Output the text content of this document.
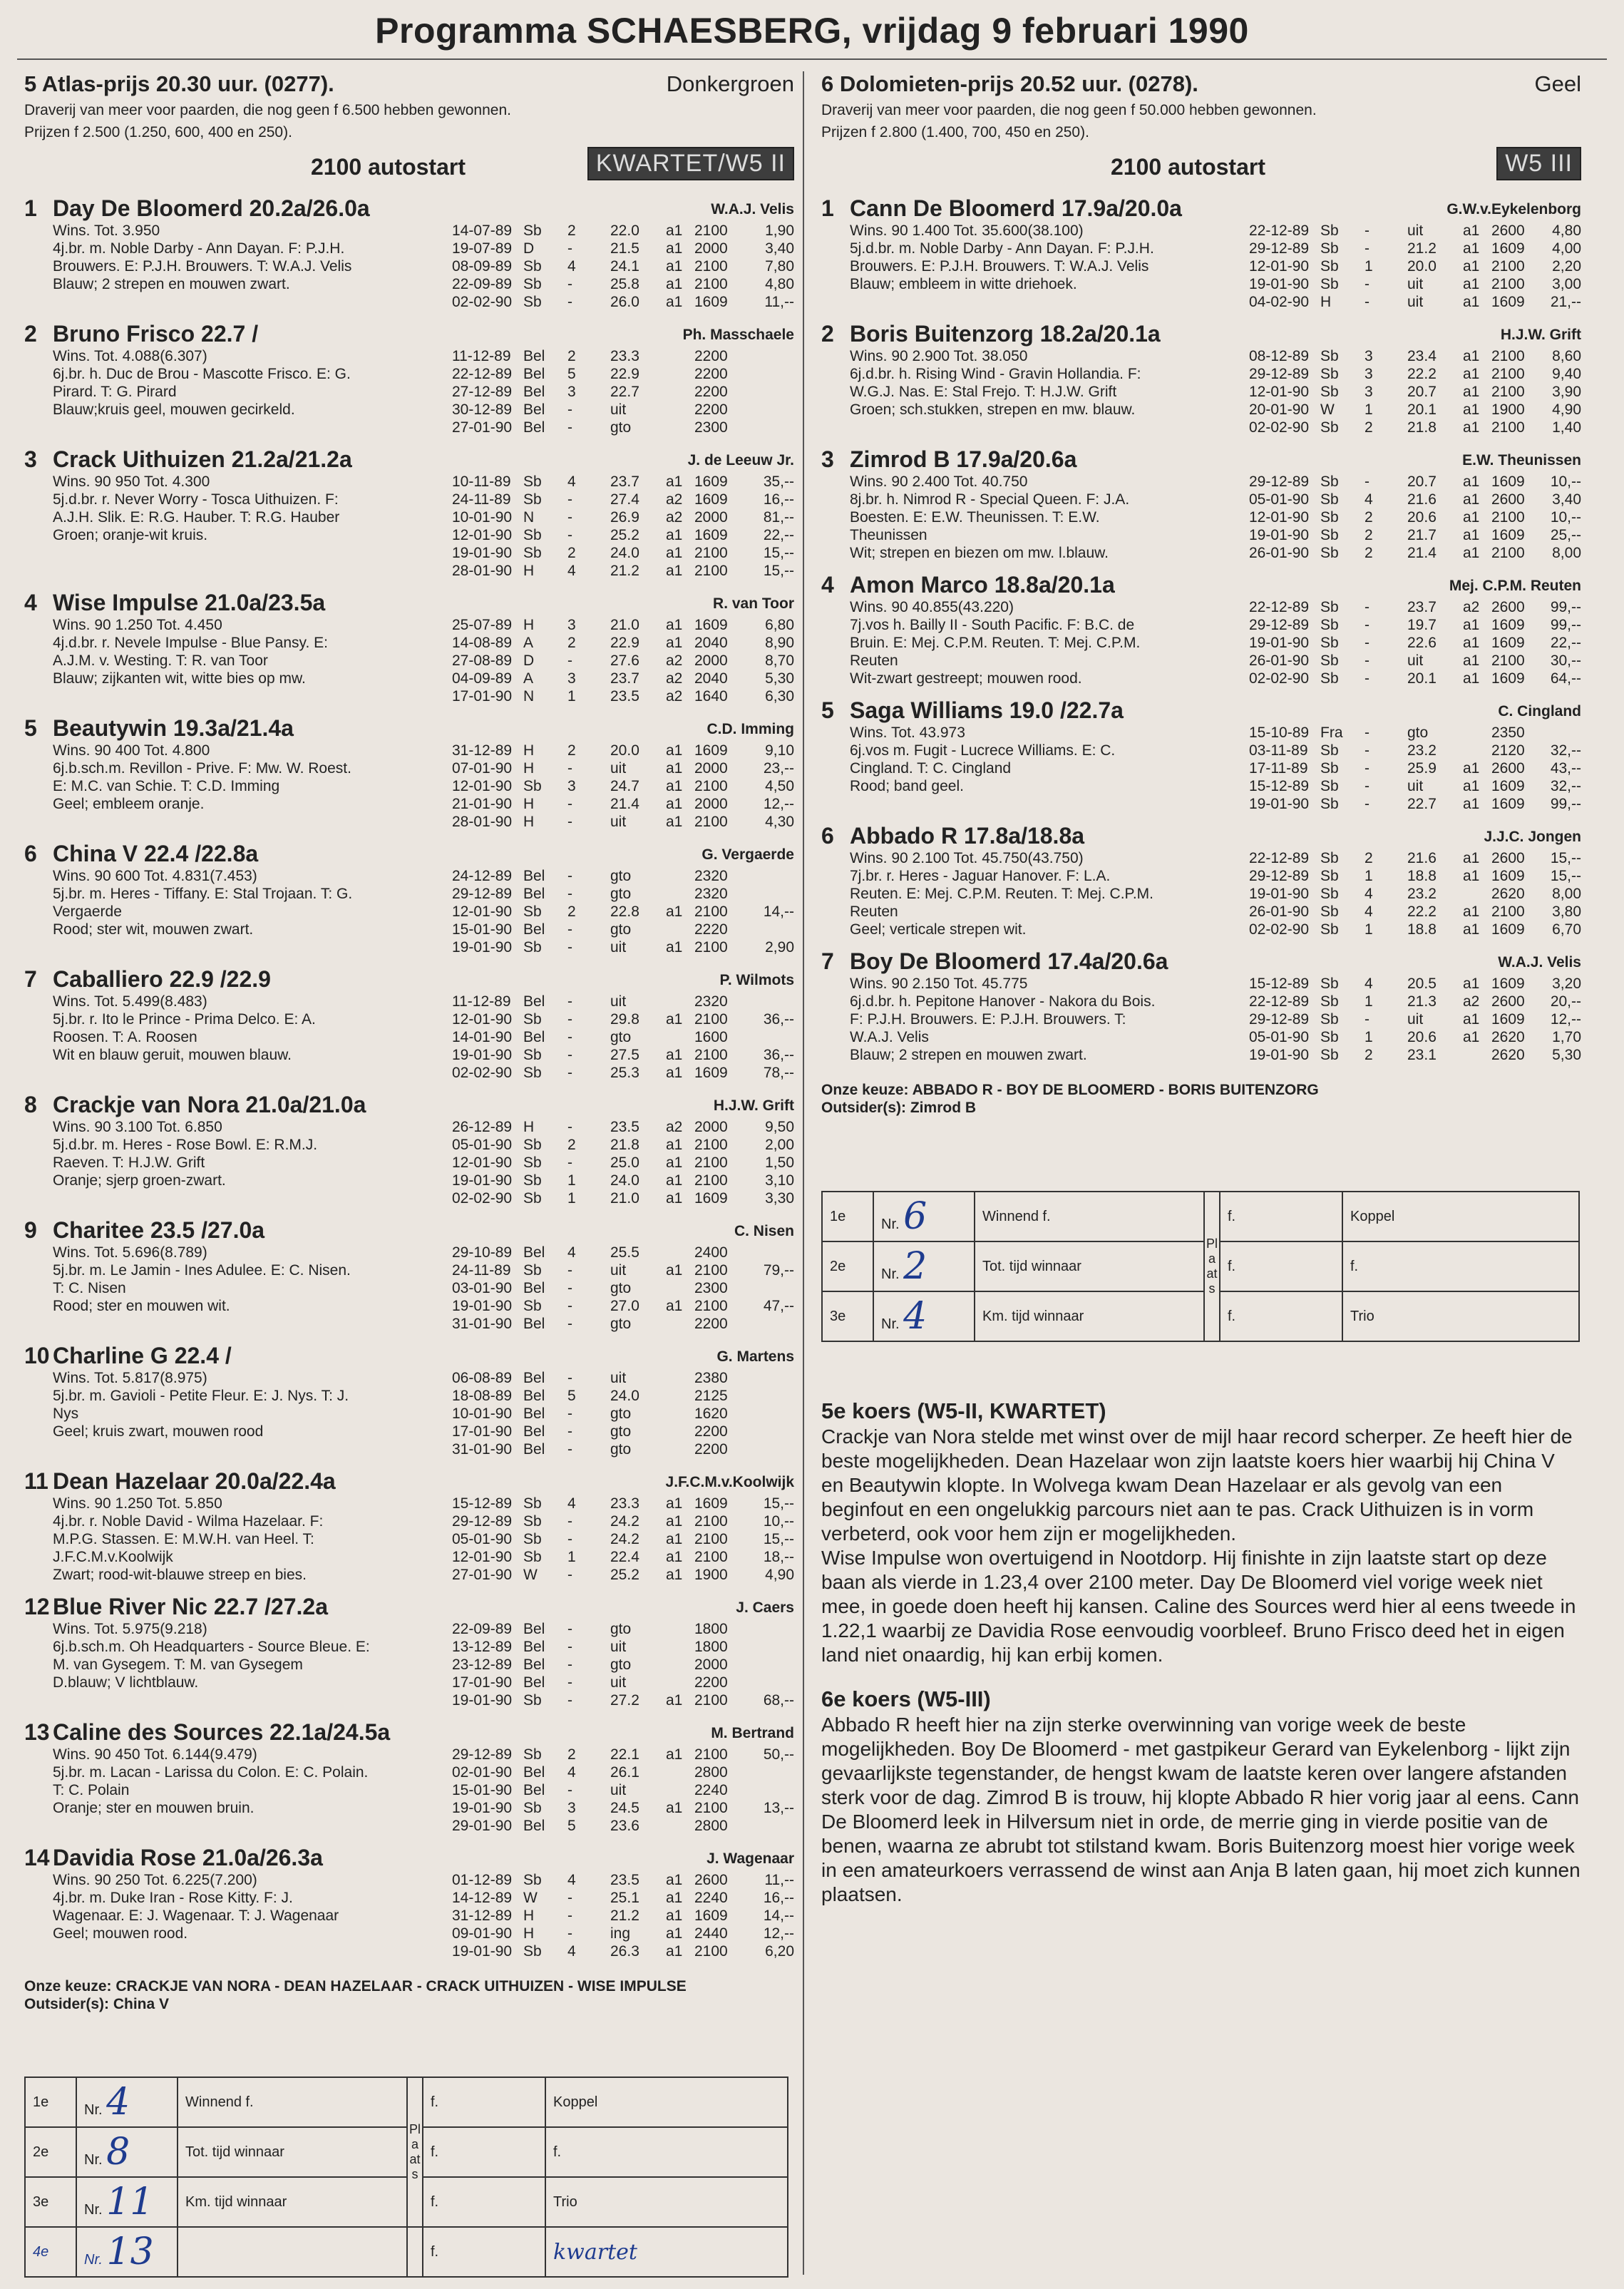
Programma SCHAESBERG, vrijdag 9 februari 1990
5 Atlas-prijs 20.30 uur. (0277).	Donkergroen
Draverij van meer voor paarden, die nog geen f 6.500 hebben gewonnen.
Prijzen f 2.500 (1.250, 600, 400 en 250).
2100 autostart	KWARTET/W5 II
1 Day De Bloomerd 20.2a/26.0a	W.A.J. Velis
Wins. Tot. 3.950
4j.br. m. Noble Darby - Ann Dayan. F: P.J.H.
Brouwers. E: P.J.H. Brouwers. T: W.A.J. Velis
Blauw; 2 strepen en mouwen zwart.
14-07-89 Sb	2	22.0	a1 2100	1,90
19-07-89 D	-	21.5	a1 2000	3,40
08-09-89 Sb	4	24.1	a1 2100	7,80
22-09-89 Sb	-	25.8	a1 2100	4,80
02-02-90 Sb	-	26.0	a1 1609	11,--
2 Bruno Frisco 22.7 /	Ph. Masschaele
Wins. Tot. 4.088(6.307)
6j.br. h. Duc de Brou - Mascotte Frisco. E: G.
Pirard. T: G. Pirard
Blauw;kruis geel, mouwen gecirkeld.
11-12-89 Bel	2	23.3	2200
22-12-89 Bel	5	22.9	2200
27-12-89 Bel	3	22.7	2200
30-12-89 Bel	-	uit	2200
27-01-90 Bel	-	gto	2300
3 Crack Uithuizen 21.2a/21.2a	J. de Leeuw Jr.
Wins. 90 950 Tot. 4.300
5j.d.br. r. Never Worry - Tosca Uithuizen. F:
A.J.H. Slik. E: R.G. Hauber. T: R.G. Hauber
Groen; oranje-wit kruis.
10-11-89 Sb	4	23.7	a1 1609	35,--
24-11-89 Sb	-	27.4	a2 1609	16,--
10-01-90 N	-	26.9	a2 2000	81,--
12-01-90 Sb	-	25.2	a1 1609	22,--
19-01-90 Sb	2	24.0	a1 2100	15,--
28-01-90 H	4	21.2	a1 2100	15,--
4 Wise Impulse 21.0a/23.5a	R. van Toor
Wins. 90 1.250 Tot. 4.450
4j.d.br. r. Nevele Impulse - Blue Pansy. E:
A.J.M. v. Westing. T: R. van Toor
Blauw; zijkanten wit, witte bies op mw.
25-07-89 H	3	21.0	a1 1609	6,80
14-08-89 A	2	22.9	a1 2040	8,90
27-08-89 D	-	27.6	a2 2000	8,70
04-09-89 A	3	23.7	a2 2040	5,30
17-01-90 N	1	23.5	a2 1640	6,30
5 Beautywin 19.3a/21.4a	C.D. Imming
Wins. 90 400 Tot. 4.800
6j.b.sch.m. Revillon - Prive. F: Mw. W. Roest.
E: M.C. van Schie. T: C.D. Imming
Geel; embleem oranje.
31-12-89 H	2	20.0	a1 1609	9,10
07-01-90 H	-	uit	a1 2000	23,--
12-01-90 Sb	3	24.7	a1 2100	4,50
21-01-90 H	-	21.4	a1 2000	12,--
28-01-90 H	-	uit	a1 2100	4,30
6 China V 22.4 /22.8a	G. Vergaerde
Wins. 90 600 Tot. 4.831(7.453)
5j.br. m. Heres - Tiffany. E: Stal Trojaan. T: G.
Vergaerde
Rood; ster wit, mouwen zwart.
24-12-89 Bel	-	gto	2320
29-12-89 Bel	-	gto	2320
12-01-90 Sb	2	22.8	a1 2100	14,--
15-01-90 Bel	-	gto	2220
19-01-90 Sb	-	uit	a1 2100	2,90
7 Caballiero 22.9 /22.9	P. Wilmots
Wins. Tot. 5.499(8.483)
5j.br. r. Ito le Prince - Prima Delco. E: A.
Roosen. T: A. Roosen
Wit en blauw geruit, mouwen blauw.
11-12-89 Bel	-	uit	2320
12-01-90 Sb	-	29.8	a1 2100	36,--
14-01-90 Bel	-	gto	1600
19-01-90 Sb	-	27.5	a1 2100	36,--
02-02-90 Sb	-	25.3	a1 1609	78,--
8 Crackje van Nora 21.0a/21.0a	H.J.W. Grift
Wins. 90 3.100 Tot. 6.850
5j.d.br. m. Heres - Rose Bowl. E: R.M.J.
Raeven. T: H.J.W. Grift
Oranje; sjerp groen-zwart.
26-12-89 H	-	23.5	a2 2000	9,50
05-01-90 Sb	2	21.8	a1 2100	2,00
12-01-90 Sb	-	25.0	a1 2100	1,50
19-01-90 Sb	1	24.0	a1 2100	3,10
02-02-90 Sb	1	21.0	a1 1609	3,30
9 Charitee 23.5 /27.0a	C. Nisen
Wins. Tot. 5.696(8.789)
5j.br. m. Le Jamin - Ines Adulee. E: C. Nisen.
T: C. Nisen
Rood; ster en mouwen wit.
29-10-89 Bel	4	25.5	2400
24-11-89 Sb	-	uit	a1 2100	79,--
03-01-90 Bel	-	gto	2300
19-01-90 Sb	-	27.0	a1 2100	47,--
31-01-90 Bel	-	gto	2200
10 Charline G 22.4 /	G. Martens
Wins. Tot. 5.817(8.975)
5j.br. m. Gavioli - Petite Fleur. E: J. Nys. T: J.
Nys
Geel; kruis zwart, mouwen rood
06-08-89 Bel	-	uit	2380
18-08-89 Bel	5	24.0	2125
10-01-90 Bel	-	gto	1620
17-01-90 Bel	-	gto	2200
31-01-90 Bel	-	gto	2200
11 Dean Hazelaar 20.0a/22.4a	J.F.C.M.v.Koolwijk
Wins. 90 1.250 Tot. 5.850
4j.br. r. Noble David - Wilma Hazelaar. F:
M.P.G. Stassen. E: M.W.H. van Heel. T:
J.F.C.M.v.Koolwijk
Zwart; rood-wit-blauwe streep en bies.
15-12-89 Sb	4	23.3	a1 1609	15,--
29-12-89 Sb	-	24.2	a1 2100	10,--
05-01-90 Sb	-	24.2	a1 2100	15,--
12-01-90 Sb	1	22.4	a1 2100	18,--
27-01-90 W	-	25.2	a1 1900	4,90
12 Blue River Nic 22.7 /27.2a	J. Caers
Wins. Tot. 5.975(9.218)
6j.b.sch.m. Oh Headquarters - Source Bleue. E:
M. van Gysegem. T: M. van Gysegem
D.blauw; V lichtblauw.
22-09-89 Bel	-	gto	1800
13-12-89 Bel	-	uit	1800
23-12-89 Bel	-	gto	2000
17-01-90 Bel	-	uit	2200
19-01-90 Sb	-	27.2	a1 2100	68,--
13 Caline des Sources 22.1a/24.5a	M. Bertrand
Wins. 90 450 Tot. 6.144(9.479)
5j.br. m. Lacan - Larissa du Colon. E: C. Polain.
T: C. Polain
Oranje; ster en mouwen bruin.
29-12-89 Sb	2	22.1	a1 2100	50,--
02-01-90 Bel	4	26.1	2800
15-01-90 Bel	-	uit	2240
19-01-90 Sb	3	24.5	a1 2100	13,--
29-01-90 Bel	5	23.6	2800
14 Davidia Rose 21.0a/26.3a	J. Wagenaar
Wins. 90 250 Tot. 6.225(7.200)
4j.br. m. Duke Iran - Rose Kitty. F: J.
Wagenaar. E: J. Wagenaar. T: J. Wagenaar
Geel; mouwen rood.
01-12-89 Sb	4	23.5	a1 2600	11,--
14-12-89 W	-	25.1	a1 2240	16,--
31-12-89 H	-	21.2	a1 1609	14,--
09-01-90 H	-	ing	a1 2440	12,--
19-01-90 Sb	4	26.3	a1 2100	6,20
Onze keuze: CRACKJE VAN NORA - DEAN HAZELAAR - CRACK UITHUIZEN - WISE IMPULSE
Outsider(s): China V
6 Dolomieten-prijs 20.52 uur. (0278).	Geel
Draverij van meer voor paarden, die nog geen f 50.000 hebben gewonnen.
Prijzen f 2.800 (1.400, 700, 450 en 250).
2100 autostart	W5 III
1 Cann De Bloomerd 17.9a/20.0a	G.W.v.Eykelenborg
Wins. 90 1.400 Tot. 35.600(38.100)
5j.d.br. m. Noble Darby - Ann Dayan. F: P.J.H.
Brouwers. E: P.J.H. Brouwers. T: W.A.J. Velis
Blauw; embleem in witte driehoek.
22-12-89 Sb	-	uit	a1 2600	4,80
29-12-89 Sb	-	21.2	a1 1609	4,00
12-01-90 Sb	1	20.0	a1 2100	2,20
19-01-90 Sb	-	uit	a1 2100	3,00
04-02-90 H	-	uit	a1 1609	21,--
2 Boris Buitenzorg 18.2a/20.1a	H.J.W. Grift
Wins. 90 2.900 Tot. 38.050
6j.d.br. h. Rising Wind - Gravin Hollandia. F:
W.G.J. Nas. E: Stal Frejo. T: H.J.W. Grift
Groen; sch.stukken, strepen en mw. blauw.
08-12-89 Sb	3	23.4	a1 2100	8,60
29-12-89 Sb	3	22.2	a1 2100	9,40
12-01-90 Sb	3	20.7	a1 2100	3,90
20-01-90 W	1	20.1	a1 1900	4,90
02-02-90 Sb	2	21.8	a1 2100	1,40
3 Zimrod B 17.9a/20.6a	E.W. Theunissen
Wins. 90 2.400 Tot. 40.750
8j.br. h. Nimrod R - Special Queen. F: J.A.
Boesten. E: E.W. Theunissen. T: E.W.
Theunissen
Wit; strepen en biezen om mw. l.blauw.
29-12-89 Sb	-	20.7	a1 1609	10,--
05-01-90 Sb	4	21.6	a1 2600	3,40
12-01-90 Sb	2	20.6	a1 2100	10,--
19-01-90 Sb	2	21.7	a1 1609	25,--
26-01-90 Sb	2	21.4	a1 2100	8,00
4 Amon Marco 18.8a/20.1a	Mej. C.P.M. Reuten
Wins. 90 40.855(43.220)
7j.vos h. Bailly II - South Pacific. F: B.C. de
Bruin. E: Mej. C.P.M. Reuten. T: Mej. C.P.M.
Reuten
Wit-zwart gestreept; mouwen rood.
22-12-89 Sb	-	23.7	a2 2600	99,--
29-12-89 Sb	-	19.7	a1 1609	99,--
19-01-90 Sb	-	22.6	a1 1609	22,--
26-01-90 Sb	-	uit	a1 2100	30,--
02-02-90 Sb	-	20.1	a1 1609	64,--
5 Saga Williams 19.0 /22.7a	C. Cingland
Wins. Tot. 43.973
6j.vos m. Fugit - Lucrece Williams. E: C.
Cingland. T: C. Cingland
Rood; band geel.
15-10-89 Fra	-	gto	2350
03-11-89 Sb	-	23.2	2120	32,--
17-11-89 Sb	-	25.9	a1 2600	43,--
15-12-89 Sb	-	uit	a1 1609	32,--
19-01-90 Sb	-	22.7	a1 1609	99,--
6 Abbado R 17.8a/18.8a	J.J.C. Jongen
Wins. 90 2.100 Tot. 45.750(43.750)
7j.br. r. Heres - Jaguar Hanover. F: L.A.
Reuten. E: Mej. C.P.M. Reuten. T: Mej. C.P.M.
Reuten
Geel; verticale strepen wit.
22-12-89 Sb	2	21.6	a1 2600	15,--
29-12-89 Sb	1	18.8	a1 1609	15,--
19-01-90 Sb	4	23.2	2620	8,00
26-01-90 Sb	4	22.2	a1 2100	3,80
02-02-90 Sb	1	18.8	a1 1609	6,70
7 Boy De Bloomerd 17.4a/20.6a	W.A.J. Velis
Wins. 90 2.150 Tot. 45.775
6j.d.br. h. Pepitone Hanover - Nakora du Bois.
F: P.J.H. Brouwers. E: P.J.H. Brouwers. T:
W.A.J. Velis
Blauw; 2 strepen en mouwen zwart.
15-12-89 Sb	4	20.5	a1 1609	3,20
22-12-89 Sb	1	21.3	a2 2600	20,--
29-12-89 Sb	-	uit	a1 1609	12,--
05-01-90 Sb	1	20.6	a1 2620	1,70
19-01-90 Sb	2	23.1	2620	5,30
Onze keuze: ABBADO R - BOY DE BLOOMERD - BORIS BUITENZORG
Outsider(s): Zimrod B
1e	Nr. 4	Winnend f.	Plaats	f.	Koppel
2e	Nr. 8	Tot. tijd winnaar		f.	f.
3e	Nr. 11	Km. tijd winnaar		f.	Trio
4e	Nr. 13			f.	kwartet
1e	Nr. 6	Winnend f.	Plaats	f.	Koppel
2e	Nr. 2	Tot. tijd winnaar		f.	f.
3e	Nr. 4	Km. tijd winnaar		f.	Trio
5e koers (W5-II, KWARTET)

Crackje van Nora stelde met winst over de mijl haar record scherper. Ze heeft hier de beste mogelijkheden. Dean Hazelaar won zijn laatste koers hier waarbij hij China V en Beautywin klopte. In Wolvega kwam Dean Hazelaar er als gevolg van een beginfout en een ongelukkig parcours niet aan te pas. Crack Uithuizen is in vorm verbeterd, ook voor hem zijn er mogelijkheden.

Wise Impulse won overtuigend in Nootdorp. Hij finishte in zijn laatste start op deze baan als vierde in 1.23,4 over 2100 meter. Day De Bloomerd viel vorige week niet mee, in goede doen heeft hij kansen. Caline des Sources werd hier al eens tweede in 1.22,1 waarbij ze Davidia Rose eenvoudig voorbleef. Bruno Frisco deed het in eigen land niet onaardig, hij kan erbij komen.

6e koers (W5-III)

Abbado R heeft hier na zijn sterke overwinning van vorige week de beste mogelijkheden. Boy De Bloomerd - met gastpikeur Gerard van Eykelenborg - lijkt zijn gevaarlijkste tegenstander, de hengst kwam de laatste keren over langere afstanden sterk voor de dag. Zimrod B is trouw, hij klopte Abbado R hier vorig jaar al eens. Cann De Bloomerd leek in Hilversum niet in orde, de merrie ging in vierde positie van de benen, waarna ze abrubt tot stilstand kwam. Boris Buitenzorg moest hier vorige week in een amateurkoers verrassend de winst aan Anja B laten gaan, hij moet zich kunnen plaatsen.
